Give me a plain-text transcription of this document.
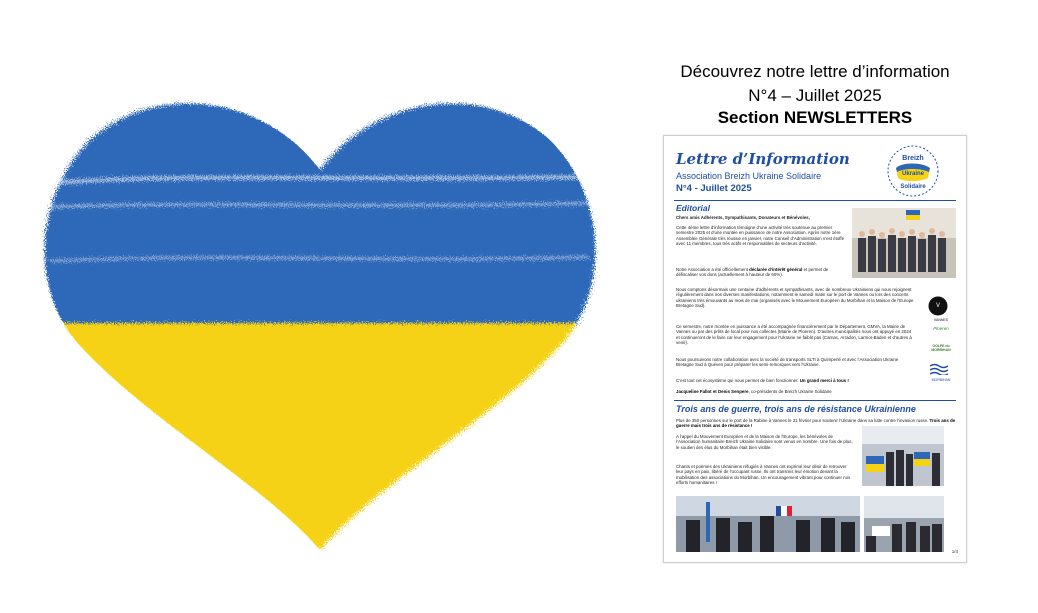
Découvrez notre lettre d’information
N°4 – Juillet 2025
Section NEWSLETTERS
Lettre d’Information
Association Breizh Ukraine Solidaire
N°4 - Juillet 2025
Breizh
Ukraine
Solidaire
Editorial
Chers amis Adhérents, Sympathisants, Donateurs et Bénévoles,
Cette 4ème lettre d’information témoigne d’une activité très soutenue au premier semestre 2025 et d’une montée en puissance de notre Association. Après notre 1ère Assemblée Générale très réussie en janvier, notre Conseil d’Administration s’est étoffé avec 11 membres, tous très actifs et responsables de secteurs d’activité.
Notre Association a été officiellement déclarée d’intérêt général et permet de défiscaliser vos dons (actuellement à hauteur de 60%).
Nous comptons désormais une centaine d’adhérents et sympathisants, avec de nombreux Ukrainiens qui nous rejoignent régulièrement dans nos diverses manifestations, notamment le samedi matin sur le port de Vannes ou lors des concerts ukrainiens très émouvants au mois de mai (organisés avec le Mouvement Européen du Morbihan et la Maison de l’Europe Bretagne Sud).
Ce semestre, notre montée en puissance a été accompagnée financièrement par le Département, GMVA, la Mairie de Vannes ou par des prêts de local pour nos collectes (Mairie de Ploeren). D’autres municipalités nous ont appuyé en 2024 et continueront de le faire car leur engagement pour l’Ukraine ne faiblit pas (Carnac, Arradon, Larmor-Baden et d’autres à venir).
Nous poursuivons notre collaboration avec la société de transports SLTI à Quimperlé et avec l’Association Ukraine Bretagne Sud à Quéven pour préparer les semi-remorques vers l’Ukraine.
C’est tout cet écosystème qui nous permet de bien fonctionner. Un grand merci à tous !
Jacqueline Fallot et Denis Senpere, co-présidents de Breizh Ukraine Solidaire
V
VANNES
Ploeren
GOLFE du MORBIHAN
MORBIHAN
Trois ans de guerre, trois ans de résistance Ukrainienne
Plus de 350 personnes sur le port de la Rabine à Vannes le 21 février pour soutenir l’Ukraine dans sa lutte contre l’invasion russe. Trois ans de guerre mais trois ans de résistance !
A l’appel du Mouvement Européen et de la Maison de l’Europe, les bénévoles de l’Association humanitaire Breizh Ukraine Solidaire sont venus en nombre. Une fois de plus, le soutien des élus du Morbihan était bien visible.
Chants et poèmes des Ukrainiens réfugiés à Vannes ont exprimé leur désir de retrouver leur pays en paix, libéré de l’occupant russe. Ils ont transmis leur émotion devant la mobilisation des associations du Morbihan. Un encouragement vibrant pour continuer nos efforts humanitaires !
1/4
